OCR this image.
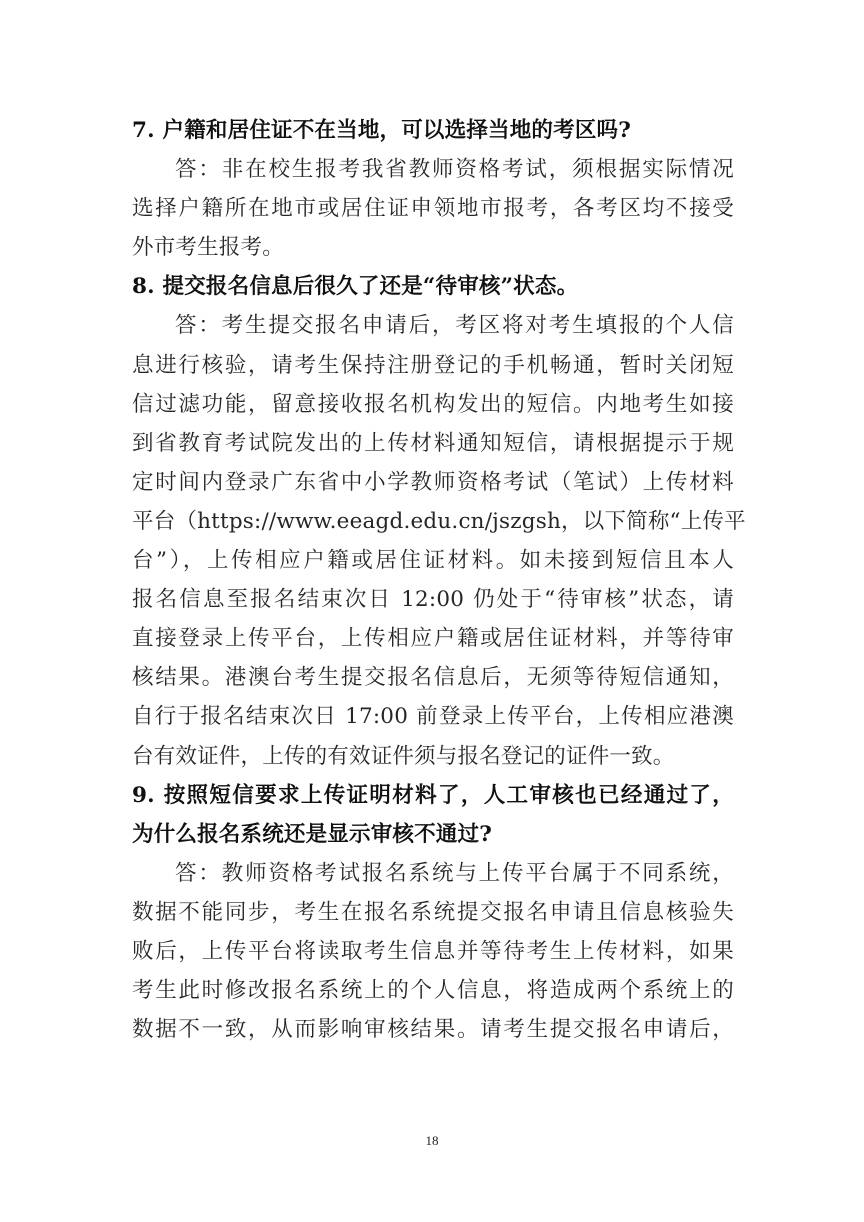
7. 户籍和居住证不在当地，可以选择当地的考区吗?
答：非在校生报考我省教师资格考试，须根据实际情况
选择户籍所在地市或居住证申领地市报考，各考区均不接受
外市考生报考。
8. 提交报名信息后很久了还是“待审核”状态。
答：考生提交报名申请后，考区将对考生填报的个人信
息进行核验，请考生保持注册登记的手机畅通，暂时关闭短
信过滤功能，留意接收报名机构发出的短信。内地考生如接
到省教育考试院发出的上传材料通知短信，请根据提示于规
定时间内登录广东省中小学教师资格考试（笔试）上传材料
平台（https://www.eeagd.edu.cn/jszgsh，以下简称“上传平
台”），上传相应户籍或居住证材料。如未接到短信且本人
报名信息至报名结束次日 12:00 仍处于“待审核”状态，请
直接登录上传平台，上传相应户籍或居住证材料，并等待审
核结果。港澳台考生提交报名信息后，无须等待短信通知，
自行于报名结束次日 17:00 前登录上传平台，上传相应港澳
台有效证件，上传的有效证件须与报名登记的证件一致。
9. 按照短信要求上传证明材料了，人工审核也已经通过了，
为什么报名系统还是显示审核不通过?
答：教师资格考试报名系统与上传平台属于不同系统，
数据不能同步，考生在报名系统提交报名申请且信息核验失
败后，上传平台将读取考生信息并等待考生上传材料，如果
考生此时修改报名系统上的个人信息，将造成两个系统上的
数据不一致，从而影响审核结果。请考生提交报名申请后，
18
